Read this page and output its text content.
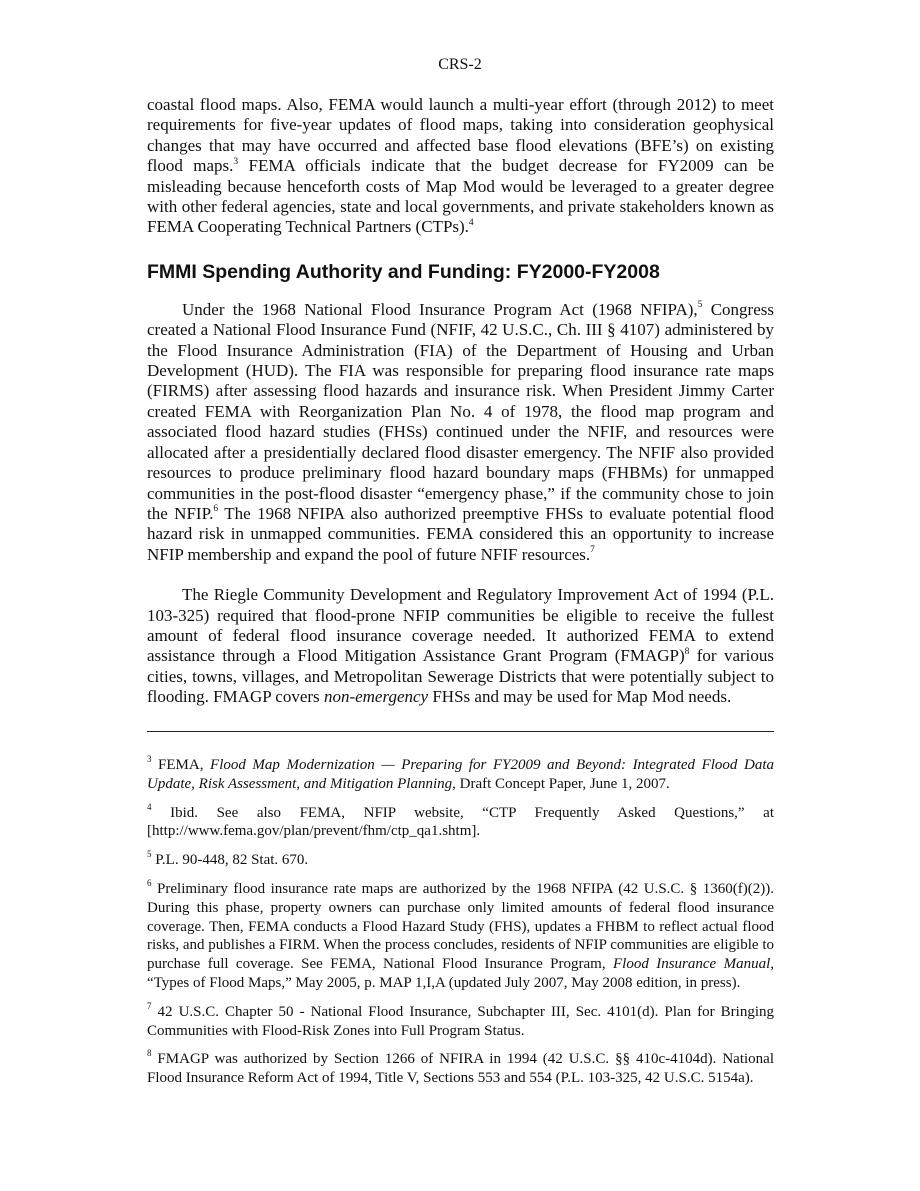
CRS-2

coastal flood maps. Also, FEMA would launch a multi-year effort (through 2012) to meet requirements for five-year updates of flood maps, taking into consideration geophysical changes that may have occurred and affected base flood elevations (BFE’s) on existing flood maps.$^3$ FEMA officials indicate that the budget decrease for FY2009 can be misleading because henceforth costs of Map Mod would be leveraged to a greater degree with other federal agencies, state and local governments, and private stakeholders known as FEMA Cooperating Technical Partners (CTPs).$^4$

FMMI Spending Authority and Funding: FY2000-FY2008

Under the 1968 National Flood Insurance Program Act (1968 NFIPA),$^5$ Congress created a National Flood Insurance Fund (NFIF, 42 U.S.C., Ch. III § 4107) administered by the Flood Insurance Administration (FIA) of the Department of Housing and Urban Development (HUD). The FIA was responsible for preparing flood insurance rate maps (FIRMS) after assessing flood hazards and insurance risk. When President Jimmy Carter created FEMA with Reorganization Plan No. 4 of 1978, the flood map program and associated flood hazard studies (FHSs) continued under the NFIF, and resources were allocated after a presidentially declared flood disaster emergency. The NFIF also provided resources to produce preliminary flood hazard boundary maps (FHBMs) for unmapped communities in the post-flood disaster “emergency phase,” if the community chose to join the NFIP.$^6$ The 1968 NFIPA also authorized preemptive FHSs to evaluate potential flood hazard risk in unmapped communities. FEMA considered this an opportunity to increase NFIP membership and expand the pool of future NFIF resources.$^7$

The Riegle Community Development and Regulatory Improvement Act of 1994 (P.L. 103-325) required that flood-prone NFIP communities be eligible to receive the fullest amount of federal flood insurance coverage needed. It authorized FEMA to extend assistance through a Flood Mitigation Assistance Grant Program (FMAGP)$^8$ for various cities, towns, villages, and Metropolitan Sewerage Districts that were potentially subject to flooding. FMAGP covers non-emergency FHSs and may be used for Map Mod needs.

$^3$ FEMA, Flood Map Modernization — Preparing for FY2009 and Beyond: Integrated Flood Data Update, Risk Assessment, and Mitigation Planning, Draft Concept Paper, June 1, 2007.

$^4$ Ibid. See also FEMA, NFIP website, “CTP Frequently Asked Questions,” at [http://www.fema.gov/plan/prevent/fhm/ctp_qa1.shtm].

$^5$ P.L. 90-448, 82 Stat. 670.

$^6$ Preliminary flood insurance rate maps are authorized by the 1968 NFIPA (42 U.S.C. § 1360(f)(2)). During this phase, property owners can purchase only limited amounts of federal flood insurance coverage. Then, FEMA conducts a Flood Hazard Study (FHS), updates a FHBM to reflect actual flood risks, and publishes a FIRM. When the process concludes, residents of NFIP communities are eligible to purchase full coverage. See FEMA, National Flood Insurance Program, Flood Insurance Manual, “Types of Flood Maps,” May 2005, p. MAP 1,I,A (updated July 2007, May 2008 edition, in press).

$^7$ 42 U.S.C. Chapter 50 - National Flood Insurance, Subchapter III, Sec. 4101(d). Plan for Bringing Communities with Flood-Risk Zones into Full Program Status.

$^8$ FMAGP was authorized by Section 1266 of NFIRA in 1994 (42 U.S.C. §§ 410c-4104d). National Flood Insurance Reform Act of 1994, Title V, Sections 553 and 554 (P.L. 103-325, 42 U.S.C. 5154a).
